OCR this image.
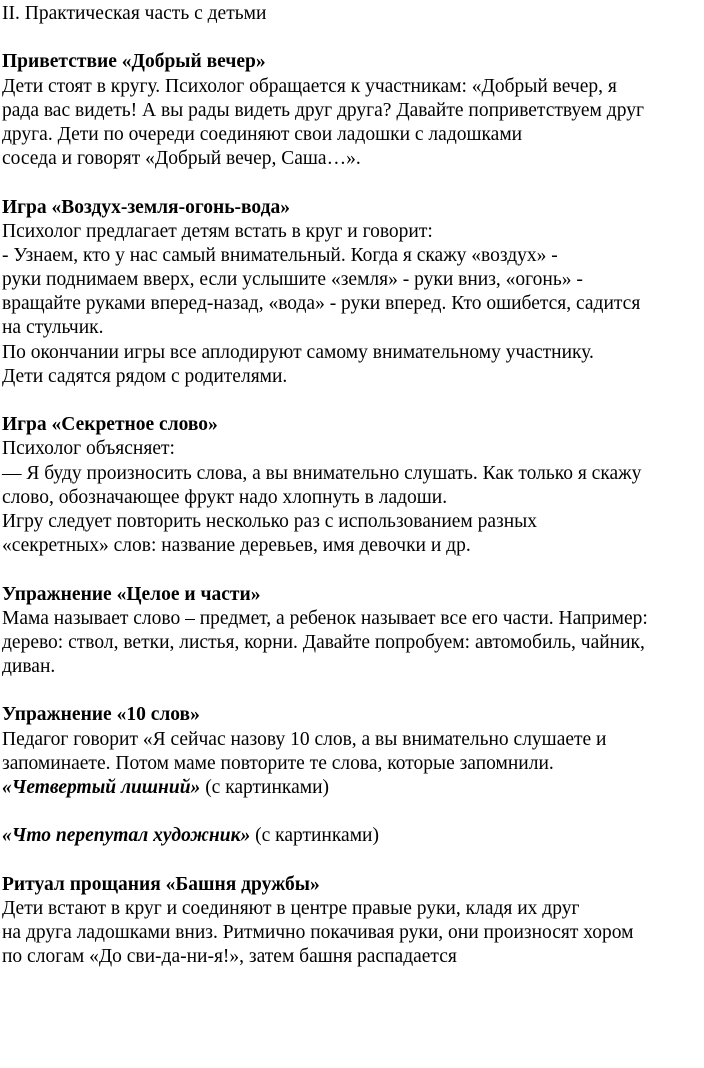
II. Практическая часть с детьми
Приветствие «Добрый вечер»
Дети стоят в кругу. Психолог обращается к участникам: «Добрый вечер, я
рада вас видеть! А вы рады видеть друг друга? Давайте поприветствуем друг
друга. Дети по очереди соединяют свои ладошки с ладошками
соседа и говорят «Добрый вечер, Саша…».
Игра «Воздух-земля-огонь-вода»
Психолог предлагает детям встать в круг и говорит:
- Узнаем, кто у нас самый внимательный. Когда я скажу «воздух» -
руки поднимаем вверх, если услышите «земля» - руки вниз, «огонь» -
вращайте руками вперед-назад, «вода» - руки вперед. Кто ошибется, садится
на стульчик.
По окончании игры все аплодируют самому внимательному участнику.
Дети садятся рядом с родителями.
Игра «Секретное слово»
Психолог объясняет:
— Я буду произносить слова, а вы внимательно слушать. Как только я скажу
слово, обозначающее фрукт надо хлопнуть в ладоши.
Игру следует повторить несколько раз с использованием разных
«секретных» слов: название деревьев, имя девочки и др.
Упражнение «Целое и части»
Мама называет слово – предмет, а ребенок называет все его части. Например:
дерево: ствол, ветки, листья, корни. Давайте попробуем: автомобиль, чайник,
диван.
Упражнение «10 слов»
Педагог говорит «Я сейчас назову 10 слов, а вы внимательно слушаете и
запоминаете. Потом маме повторите те слова, которые запомнили.
«Четвертый лишний» (с картинками)
«Что перепутал художник» (с картинками)
Ритуал прощания «Башня дружбы»
Дети встают в круг и соединяют в центре правые руки, кладя их друг
на друга ладошками вниз. Ритмично покачивая руки, они произносят хором
по слогам «До сви-да-ни-я!», затем башня распадается
